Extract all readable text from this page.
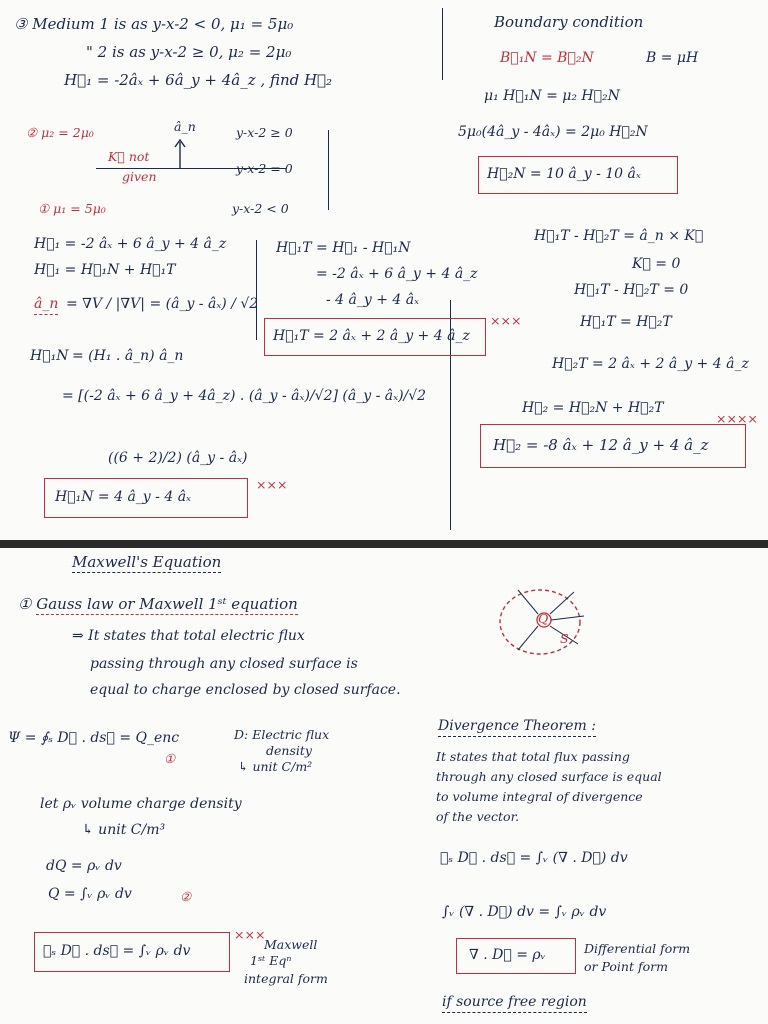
③ Medium 1 is as y-x-2 < 0, μ₁ = 5μ₀
" 2 is as y-x-2 ≥ 0, μ₂ = 2μ₀
H⃗₁ = -2âₓ + 6â_y + 4â_z , find H⃗₂
Boundary condition
B⃗₁N = B⃗₂N	B = μH
μ₁ H⃗₁N = μ₂ H⃗₂N
5μ₀(4â_y - 4âₓ) = 2μ₀ H⃗₂N
H⃗₂N = 10 â_y - 10 âₓ
② μ₂ = 2μ₀	â_n	y-x-2 ≥ 0
K⃗ not
y-x-2 = 0
given
① μ₁ = 5μ₀	y-x-2 < 0
H⃗₁ = -2 âₓ + 6 â_y + 4 â_z
H⃗₁ = H⃗₁N + H⃗₁T
â_n = ∇V / |∇V| = (â_y - âₓ) / √2
H⃗₁N = (H₁ . â_n) â_n
= [(-2 âₓ + 6 â_y + 4â_z) . (â_y - âₓ)/√2] (â_y - âₓ)/√2
((6 + 2)/2) (â_y - âₓ)
H⃗₁N = 4 â_y - 4 âₓ
×××
H⃗₁T = H⃗₁ - H⃗₁N
= -2 âₓ + 6 â_y + 4 â_z
- 4 â_y + 4 âₓ
H⃗₁T = 2 âₓ + 2 â_y + 4 â_z
×××
H⃗₁T - H⃗₂T = â_n × K⃗
K⃗ = 0
H⃗₁T - H⃗₂T = 0
H⃗₁T = H⃗₂T
H⃗₂T = 2 âₓ + 2 â_y + 4 â_z
H⃗₂ = H⃗₂N + H⃗₂T
××××
H⃗₂ = -8 âₓ + 12 â_y + 4 â_z
Maxwell's Equation
① Gauss law or Maxwell 1ˢᵗ equation
⇒ It states that total electric flux
passing through any closed surface is
equal to charge enclosed by closed surface.
Q
S
Ψ = ∮ₛ D⃗ . ds⃗ = Q_enc
①
D: Electric flux
density
↳ unit C/m²
let ρᵥ volume charge density
↳ unit C/m³
dQ = ρᵥ dv
Q = ∫ᵥ ρᵥ dv	②
∮ₛ D⃗ . ds⃗ = ∫ᵥ ρᵥ dv
×××
Maxwell
1ˢᵗ Eqⁿ
integral form
Divergence Theorem :
It states that total flux passing
through any closed surface is equal
to volume integral of divergence
of the vector.
∮ₛ D⃗ . ds⃗ = ∫ᵥ (∇ . D⃗) dv
∫ᵥ (∇ . D⃗) dv = ∫ᵥ ρᵥ dv
∇ . D⃗ = ρᵥ	Differential form
or Point form
if source free region
